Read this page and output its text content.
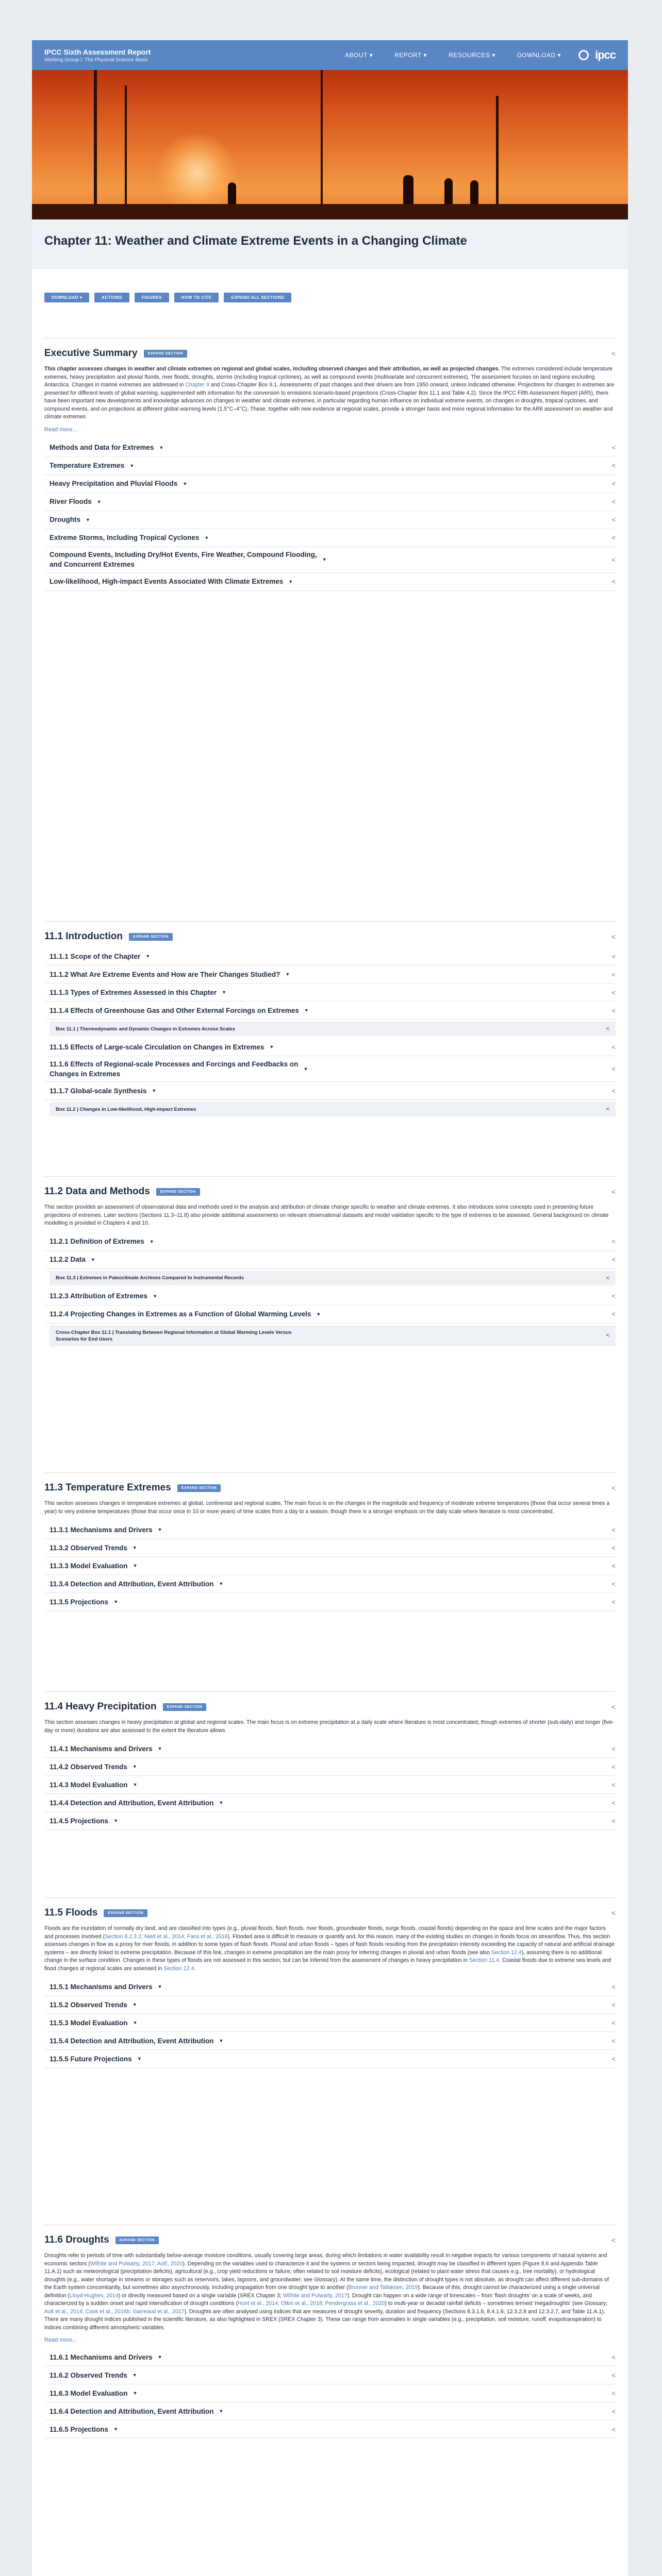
IPCC Sixth Assessment Report
Working Group I: The Physical Science Basis
ABOUT ▾	REPORT ▾	RESOURCES ▾	DOWNLOAD ▾	ipcc
Chapter 11: Weather and Climate Extreme Events in a Changing Climate
DOWNLOAD ▾	ACTIONS	FIGURES	HOW TO CITE	EXPAND ALL SECTIONS
Executive Summary	EXPAND SECTION	<

This chapter assesses changes in weather and climate extremes on regional and global scales, including observed changes and their attribution, as well as projected changes. The extremes considered include temperature extremes, heavy precipitation and pluvial floods, river floods, droughts, storms (including tropical cyclones), as well as compound events (multivariate and concurrent extremes). The assessment focuses on land regions excluding Antarctica. Changes in marine extremes are addressed in Chapter 9 and Cross-Chapter Box 9.1. Assessments of past changes and their drivers are from 1950 onward, unless indicated otherwise. Projections for changes in extremes are presented for different levels of global warming, supplemented with information for the conversion to emissions scenario-based projections (Cross-Chapter Box 11.1 and Table 4.2). Since the IPCC Fifth Assessment Report (AR5), there have been important new developments and knowledge advances on changes in weather and climate extremes, in particular regarding human influence on individual extreme events, on changes in droughts, tropical cyclones, and compound events, and on projections at different global warming levels (1.5°C–4°C). These, together with new evidence at regional scales, provide a stronger basis and more regional information for the AR6 assessment on weather and climate extremes.

Read more...
Methods and Data for Extremes ▼	<
Temperature Extremes ▼	<
Heavy Precipitation and Pluvial Floods ▼	<
River Floods ▼	<
Droughts ▼	<
Extreme Storms, Including Tropical Cyclones ▼	<
Compound Events, Including Dry/Hot Events, Fire Weather, Compound Flooding,
and Concurrent Extremes
▼	<
Low-likelihood, High-impact Events Associated With Climate Extremes ▼	<
11.1 Introduction	EXPAND SECTION	<
11.1.1 Scope of the Chapter ▼	<
11.1.2 What Are Extreme Events and How are Their Changes Studied? ▼	<
11.1.3 Types of Extremes Assessed in this Chapter ▼	<
11.1.4 Effects of Greenhouse Gas and Other External Forcings on Extremes ▼	<
Box 11.1 | Thermodynamic and Dynamic Changes in Extremes Across Scales	<
11.1.5 Effects of Large-scale Circulation on Changes in Extremes ▼	<
11.1.6 Effects of Regional-scale Processes and Forcings and Feedbacks on
Changes in Extremes
▼	<
11.1.7 Global-scale Synthesis ▼	<
Box 11.2 | Changes in Low-likelihood, High-impact Extremes	<
11.2 Data and Methods	EXPAND SECTION	<

This section provides an assessment of observational data and methods used in the analysis and attribution of climate change specific to weather and climate extremes. It also introduces some concepts used in presenting future projections of extremes. Later sections (Sections 11.3–11.8) also provide additional assessments on relevant observational datasets and model validation specific to the type of extremes to be assessed. General background on climate modelling is provided in Chapters 4 and 10.

11.2.1 Definition of Extremes ▼	<
11.2.2 Data ▼	<
Box 11.3 | Extremes in Paleoclimate Archives Compared to Instrumental Records	<
11.2.3 Attribution of Extremes ▼	<
11.2.4 Projecting Changes in Extremes as a Function of Global Warming Levels ▼	<
Cross-Chapter Box 11.1 | Translating Between Regional Information at Global Warming Levels Versus
Scenarios for End Users
<
11.3 Temperature Extremes	EXPAND SECTION	<

This section assesses changes in temperature extremes at global, continental and regional scales. The main focus is on the changes in the magnitude and frequency of moderate extreme temperatures (those that occur several times a year) to very extreme temperatures (those that occur once in 10 or more years) of time scales from a day to a season, though there is a stronger emphasis on the daily scale where literature is most concentrated.

11.3.1 Mechanisms and Drivers ▼	<
11.3.2 Observed Trends ▼	<
11.3.3 Model Evaluation ▼	<
11.3.4 Detection and Attribution, Event Attribution ▼	<
11.3.5 Projections ▼	<
11.4 Heavy Precipitation	EXPAND SECTION	<

This section assesses changes in heavy precipitation at global and regional scales. The main focus is on extreme precipitation at a daily scale where literature is most concentrated, though extremes of shorter (sub-daily) and longer (five-day or more) durations are also assessed to the extent the literature allows.

11.4.1 Mechanisms and Drivers ▼	<
11.4.2 Observed Trends ▼	<
11.4.3 Model Evaluation ▼	<
11.4.4 Detection and Attribution, Event Attribution ▼	<
11.4.5 Projections ▼	<
11.5 Floods	EXPAND SECTION	<

Floods are the inundation of normally dry land, and are classified into types (e.g., pluvial floods, flash floods, river floods, groundwater floods, surge floods, coastal floods) depending on the space and time scales and the major factors and processes involved (Section 8.2.3.2; Nied et al., 2014; Fans et al., 2016). Flooded area is difficult to measure or quantify and, for this reason, many of the existing studies on changes in floods focus on streamflow. Thus, this section assesses changes in flow as a proxy for river floods, in addition to some types of flash floods. Pluvial and urban floods – types of flash floods resulting from the precipitation intensity exceeding the capacity of natural and artificial drainage systems – are directly linked to extreme precipitation. Because of this link, changes in extreme precipitation are the main proxy for inferring changes in pluvial and urban floods (see also Section 12.4), assuming there is no additional change in the surface condition. Changes in these types of floods are not assessed in this section, but can be inferred from the assessment of changes in heavy precipitation in Section 11.4. Coastal floods due to extreme sea levels and flood changes at regional scales are assessed in Section 12.4.

11.5.1 Mechanisms and Drivers ▼	<
11.5.2 Observed Trends ▼	<
11.5.3 Model Evaluation ▼	<
11.5.4 Detection and Attribution, Event Attribution ▼	<
11.5.5 Future Projections ▼	<
11.6 Droughts	EXPAND SECTION	<

Droughts refer to periods of time with substantially below-average moisture conditions, usually covering large areas, during which limitations in water availability result in negative impacts for various components of natural systems and economic sectors (Wilhite and Pulwarty, 2017; AoE, 2020). Depending on the variables used to characterize it and the systems or sectors being impacted, drought may be classified in different types (Figure 8.6 and Appendix Table 11.A.1) such as meteorological (precipitation deficits), agricultural (e.g., crop yield reductions or failure, often related to soil moisture deficits), ecological (related to plant water stress that causes e.g., tree mortality), or hydrological droughts (e.g., water shortage in streams or storages such as reservoirs, lakes, lagoons, and groundwater; see Glossary). At the same time, the distinction of drought types is not absolute, as drought can affect different sub-domains of the Earth system concomitantly, but sometimes also asynchronously, including propagation from one drought type to another (Brunner and Tallaksen, 2019). Because of this, drought cannot be characterized using a single universal definition (Lloyd-Hughes, 2014) or directly measured based on a single variable (SREX Chapter 3; Wilhite and Pulwarty, 2017). Drought can happen on a wide range of timescales – from 'flash droughts' on a scale of weeks, and characterized by a sudden onset and rapid intensification of drought conditions (Hunt et al., 2014; Otkin et al., 2018; Pendergrass et al., 2020) to multi-year or decadal rainfall deficits – sometimes termed 'megadroughts' (see Glossary; Ault et al., 2014; Cook et al., 2016b; Garreaud et al., 2017). Droughts are often analysed using indices that are measures of drought severity, duration and frequency (Sections 8.3.1.6, 8.4.1.6, 12.3.2.8 and 12.3.2.7, and Table 11.A.1). There are many drought indices published in the scientific literature, as also highlighted in SREX (SREX Chapter 3). These can range from anomalies in single variables (e.g., precipitation, soil moisture, runoff, evapotranspiration) to indices combining different atmospheric variables.

Read more...
11.6.1 Mechanisms and Drivers ▼	<
11.6.2 Observed Trends ▼	<
11.6.3 Model Evaluation ▼	<
11.6.4 Detection and Attribution, Event Attribution ▼	<
11.6.5 Projections ▼	<
